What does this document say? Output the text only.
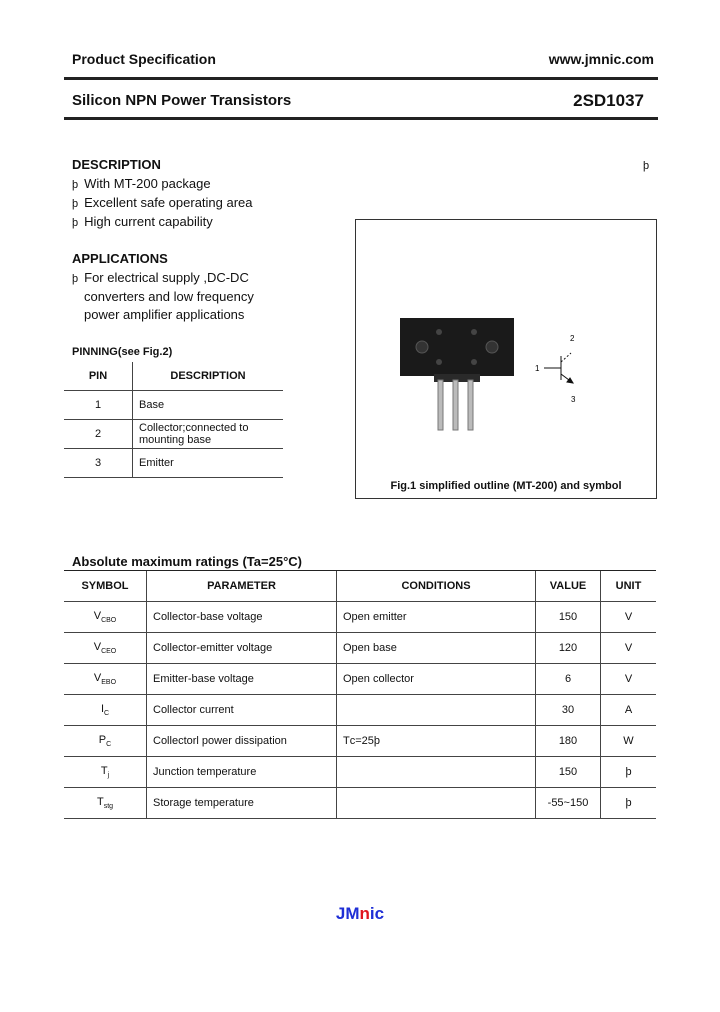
Product Specification	www.jmnic.com
Silicon NPN Power Transistors	2SD1037
þ
DESCRIPTION
þ With MT-200 package
þ Excellent safe operating area
þ High current capability
APPLICATIONS
þ For electrical supply ,DC-DC
converters and low frequency
power amplifier applications
PINNING(see Fig.2)
PIN	DESCRIPTION
1	Base
2	Collector;connected to
mounting base

3	Emitter
1
2
3
Fig.1 simplified outline (MT-200) and symbol
Absolute maximum ratings (Ta=25°C)
SYMBOL	PARAMETER	CONDITIONS	VALUE	UNIT
$V_{CBO}$	Collector-base voltage	Open emitter	150	V
$V_{CEO}$	Collector-emitter voltage	Open base	120	V
$V_{EBO}$	Emitter-base voltage	Open collector	6	V
$I_C$	Collector current		30	A
$P_C$	Collectorl power dissipation	Tᴄ=25þ	180	W
$T_j$	Junction temperature		150	þ
$T_{stg}$	Storage temperature		-55~150	þ
JMnic
